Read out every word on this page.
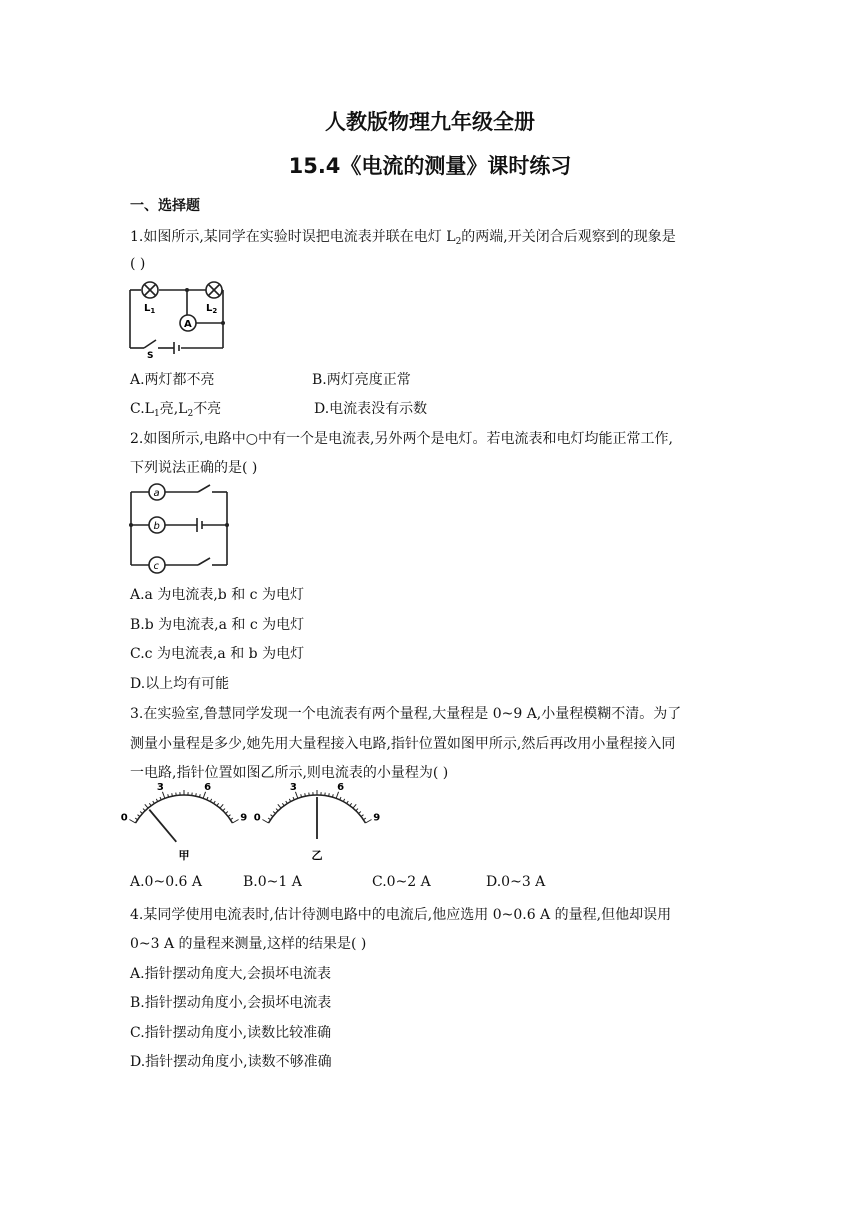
人教版物理九年级全册
15.4《电流的测量》课时练习
一、选择题
1.如图所示,某同学在实验时误把电流表并联在电灯 $L_2$的两端,开关闭合后观察到的现象是
( )
$L_1$	$L_2$
A
S
A.两灯都不亮	B.两灯亮度正常
$C.L_1$亮$,L_2$不亮	D.电流表没有示数
2.如图所示,电路中○中有一个是电流表,另外两个是电灯。若电流表和电灯均能正常工作,
下列说法正确的是( )
a
b
c
A.a 为电流表,b 和 c 为电灯
B.b 为电流表,a 和 c 为电灯
C.c 为电流表,a 和 b 为电灯
D.以上均有可能
3.在实验室,鲁慧同学发现一个电流表有两个量程,大量程是 0~9 A,小量程模糊不清。为了
测量小量程是多少,她先用大量程接入电路,指针位置如图甲所示,然后再改用小量程接入同
一电路,指针位置如图乙所示,则电流表的小量程为( )
0
3	6
9
甲
0
3	6
9
乙
A.0~0.6 A	B.0~1 A	C.0~2 A	D.0~3 A
4.某同学使用电流表时,估计待测电路中的电流后,他应选用 0~0.6 A 的量程,但他却误用
0~3 A 的量程来测量,这样的结果是( )
A.指针摆动角度大,会损坏电流表
B.指针摆动角度小,会损坏电流表
C.指针摆动角度小,读数比较准确
D.指针摆动角度小,读数不够准确
